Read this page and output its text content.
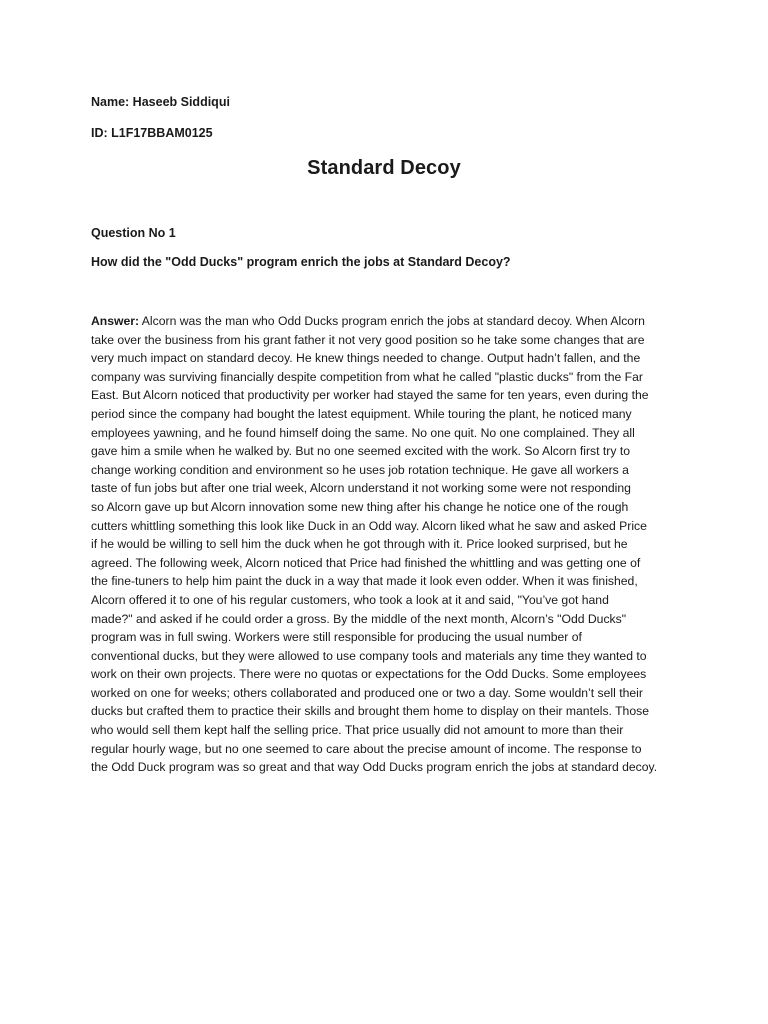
Name: Haseeb Siddiqui
ID: L1F17BBAM0125
Standard Decoy
Question No 1
How did the "Odd Ducks" program enrich the jobs at Standard Decoy?
Answer: Alcorn was the man who Odd Ducks program enrich the jobs at standard decoy. When Alcorn
take over the business from his grant father it not very good position so he take some changes that are
very much impact on standard decoy. He knew things needed to change. Output hadn’t fallen, and the
company was surviving financially despite competition from what he called "plastic ducks" from the Far
East. But Alcorn noticed that productivity per worker had stayed the same for ten years, even during the
period since the company had bought the latest equipment. While touring the plant, he noticed many
employees yawning, and he found himself doing the same. No one quit. No one complained. They all
gave him a smile when he walked by. But no one seemed excited with the work. So Alcorn first try to
change working condition and environment so he uses job rotation technique. He gave all workers a
taste of fun jobs but after one trial week, Alcorn understand it not working some were not responding
so Alcorn gave up but Alcorn innovation some new thing after his change he notice one of the rough
cutters whittling something this look like Duck in an Odd way. Alcorn liked what he saw and asked Price
if he would be willing to sell him the duck when he got through with it. Price looked surprised, but he
agreed. The following week, Alcorn noticed that Price had finished the whittling and was getting one of
the fine-tuners to help him paint the duck in a way that made it look even odder. When it was finished,
Alcorn offered it to one of his regular customers, who took a look at it and said, "You’ve got hand
made?" and asked if he could order a gross. By the middle of the next month, Alcorn’s "Odd Ducks"
program was in full swing. Workers were still responsible for producing the usual number of
conventional ducks, but they were allowed to use company tools and materials any time they wanted to
work on their own projects. There were no quotas or expectations for the Odd Ducks. Some employees
worked on one for weeks; others collaborated and produced one or two a day. Some wouldn’t sell their
ducks but crafted them to practice their skills and brought them home to display on their mantels. Those
who would sell them kept half the selling price. That price usually did not amount to more than their
regular hourly wage, but no one seemed to care about the precise amount of income. The response to
the Odd Duck program was so great and that way Odd Ducks program enrich the jobs at standard decoy.
